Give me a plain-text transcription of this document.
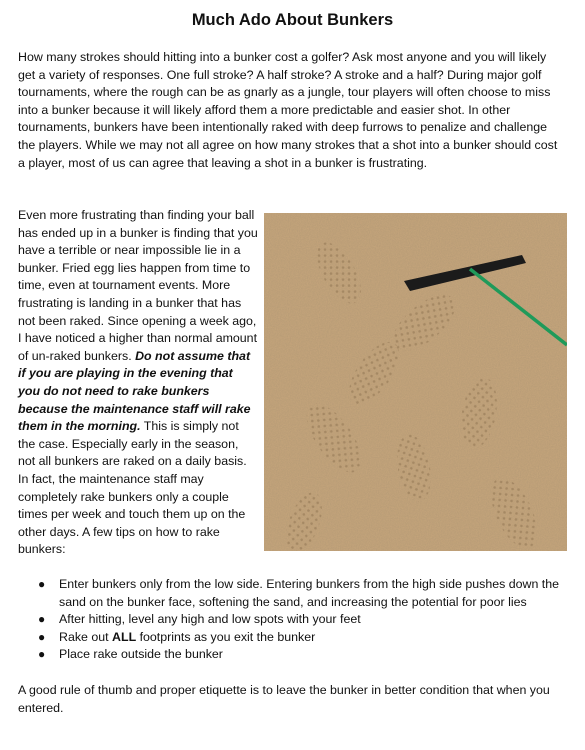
Much Ado About Bunkers

How many strokes should hitting into a bunker cost a golfer? Ask most anyone and you will likely get a variety of responses. One full stroke? A half stroke? A stroke and a half? During major golf tournaments, where the rough can be as gnarly as a jungle, tour players will often choose to miss into a bunker because it will likely afford them a more predictable and easier shot. In other tournaments, bunkers have been intentionally raked with deep furrows to penalize and challenge the players. While we may not all agree on how many strokes that a shot into a bunker should cost a player, most of us can agree that leaving a shot in a bunker is frustrating.

Even more frustrating than finding your ball has ended up in a bunker is finding that you have a terrible or near impossible lie in a bunker. Fried egg lies happen from time to time, even at tournament events. More frustrating is landing in a bunker that has not been raked. Since opening a week ago, I have noticed a higher than normal amount of un-raked bunkers. Do not assume that if you are playing in the evening that you do not need to rake bunkers because the maintenance staff will rake them in the morning. This is simply not the case. Especially early in the season, not all bunkers are raked on a daily basis. In fact, the maintenance staff may completely rake bunkers only a couple times per week and touch them up on the other days. A few tips on how to rake bunkers:

● Enter bunkers only from the low side. Entering bunkers from the high side pushes down the sand on the bunker face, softening the sand, and increasing the potential for poor lies
● After hitting, level any high and low spots with your feet
● Rake out ALL footprints as you exit the bunker
● Place rake outside the bunker

A good rule of thumb and proper etiquette is to leave the bunker in better condition that when you entered.
